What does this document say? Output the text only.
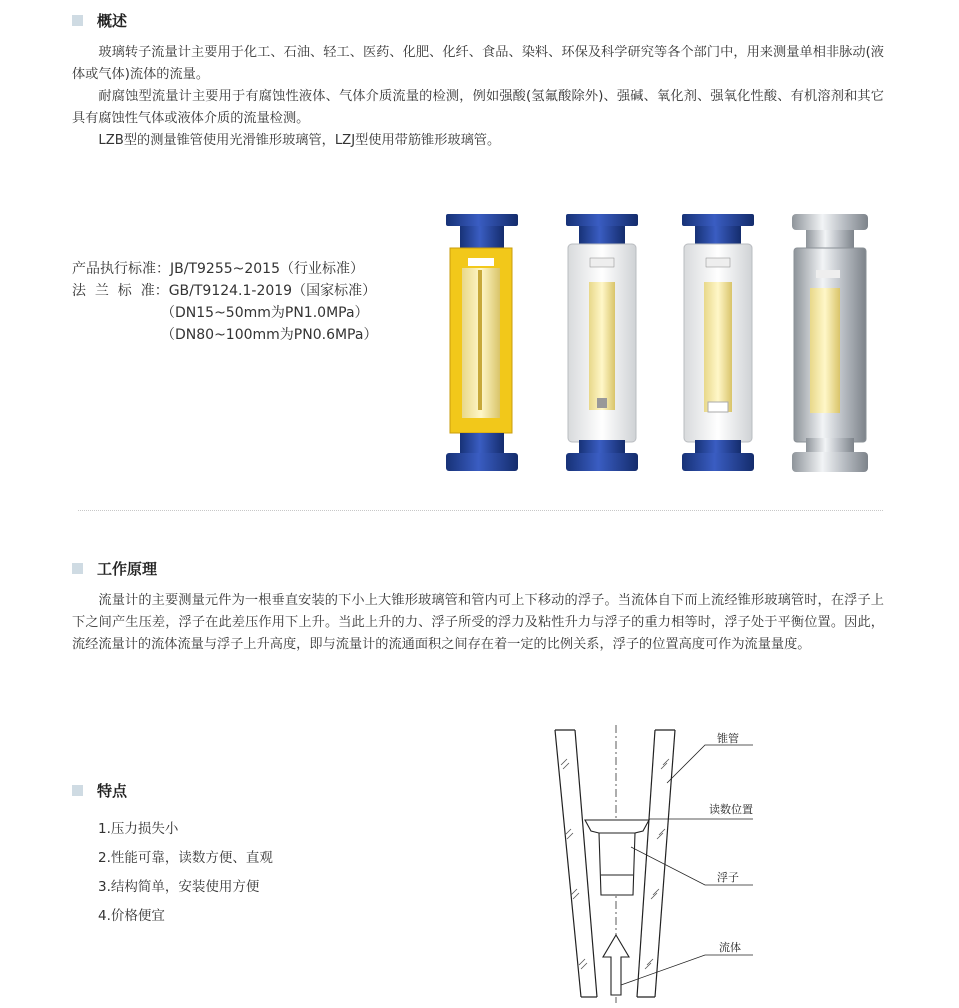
概述

玻璃转子流量计主要用于化工、石油、轻工、医药、化肥、化纤、食品、染料、环保及科学研究等各个部门中，用来测量单相非脉动(液体或气体)流体的流量。

耐腐蚀型流量计主要用于有腐蚀性液体、气体介质流量的检测，例如强酸(氢氟酸除外)、强碱、氧化剂、强氧化性酸、有机溶剂和其它具有腐蚀性气体或液体介质的流量检测。

LZB型的测量锥管使用光滑锥形玻璃管，LZJ型使用带筋锥形玻璃管。

产品执行标准：JB/T9255~2015（行业标准）
法  兰  标  准：GB/T9124.1-2019（国家标准）
（DN15~50mm为PN1.0MPa）
（DN80~100mm为PN0.6MPa）
工作原理

流量计的主要测量元件为一根垂直安装的下小上大锥形玻璃管和管内可上下移动的浮子。当流体自下而上流经锥形玻璃管时，在浮子上下之间产生压差，浮子在此差压作用下上升。当此上升的力、浮子所受的浮力及粘性升力与浮子的重力相等时，浮子处于平衡位置。因此，流经流量计的流体流量与浮子上升高度，即与流量计的流通面积之间存在着一定的比例关系，浮子的位置高度可作为流量量度。

特点
1.压力损失小
2.性能可靠，读数方便、直观
3.结构简单，安装使用方便
4.价格便宜
锥管
读数位置
浮子
流体
